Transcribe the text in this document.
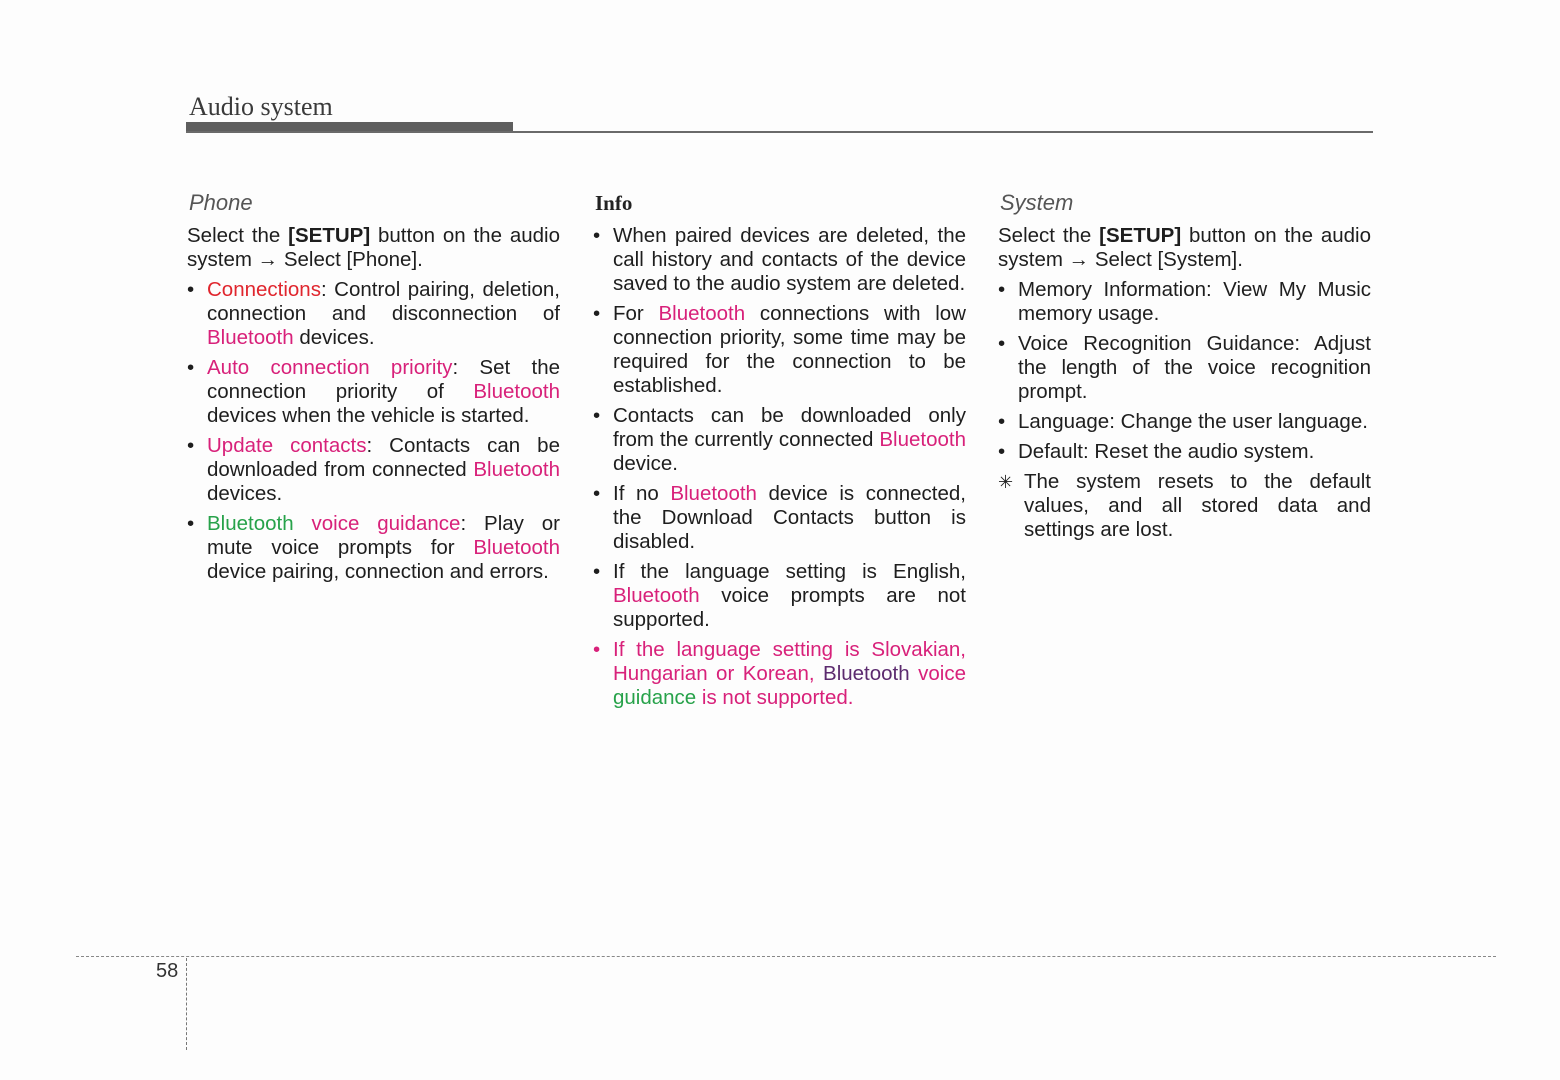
Audio system
Phone
Select the [SETUP] button on the audio system → Select [Phone].
• Connections: Control pairing, deletion, connection and disconnection of Bluetooth devices.
• Auto connection priority: Set the connection priority of Bluetooth devices when the vehicle is started.
• Update contacts: Contacts can be downloaded from connected Bluetooth devices.
• Bluetooth voice guidance: Play or mute voice prompts for Bluetooth device pairing, connection and errors.
Info
• When paired devices are deleted, the call history and contacts of the device saved to the audio system are deleted.
• For Bluetooth connections with low connection priority, some time may be required for the connection to be established.
• Contacts can be downloaded only from the currently connected Bluetooth device.
• If no Bluetooth device is connected, the Download Contacts button is disabled.
• If the language setting is English, Bluetooth voice prompts are not supported.
• If the language setting is Slovakian, Hungarian or Korean, Bluetooth voice guidance is not supported.
System
Select the [SETUP] button on the audio system → Select [System].
• Memory Information: View My Music memory usage.
• Voice Recognition Guidance: Adjust the length of the voice recognition prompt.
• Language: Change the user language.
• Default: Reset the audio system.
✳ The system resets to the default values, and all stored data and settings are lost.
58
